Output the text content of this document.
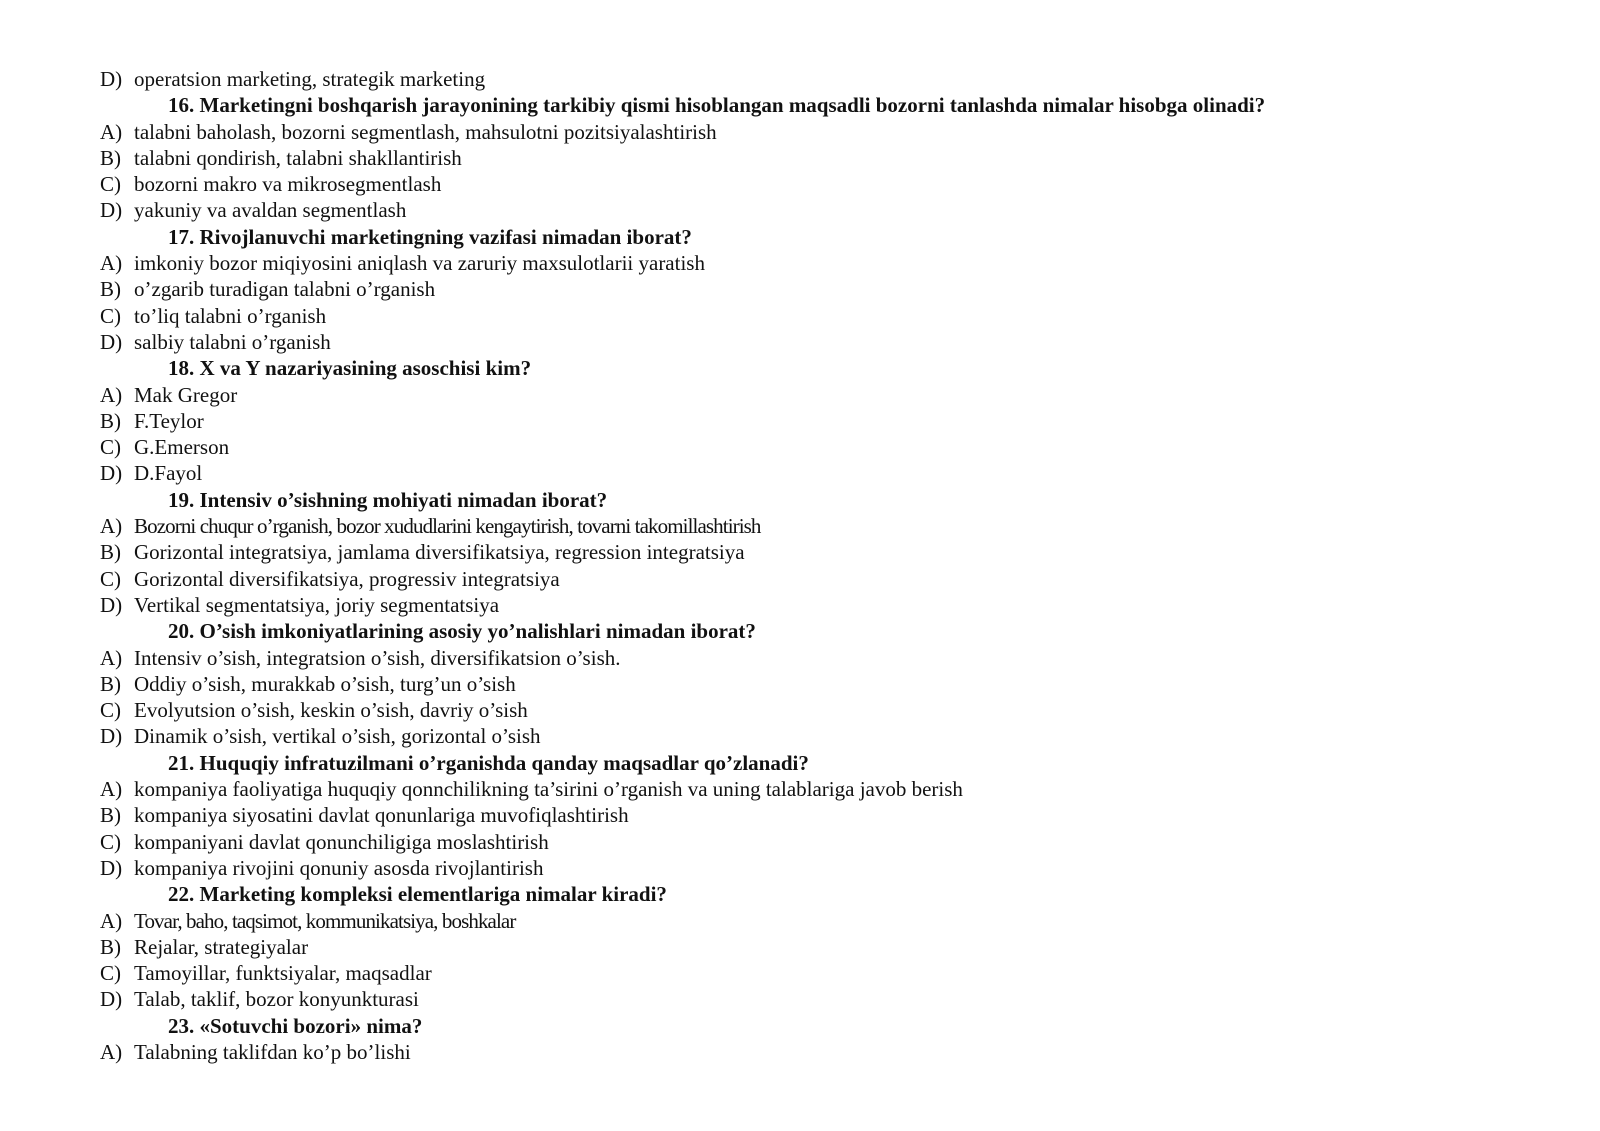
D) operatsion marketing, strategik marketing
16. Marketingni boshqarish jarayonining tarkibiy qismi hisoblangan maqsadli bozorni tanlashda nimalar hisobga olinadi?
A) talabni baholash, bozorni segmentlash, mahsulotni pozitsiyalashtirish
B) talabni qondirish, talabni shakllantirish
C) bozorni makro va mikrosegmentlash
D) yakuniy va avaldan segmentlash
17. Rivojlanuvchi marketingning vazifasi nimadan iborat?
A) imkoniy bozor miqiyosini aniqlash va zaruriy maxsulotlarii yaratish
B) o’zgarib turadigan talabni o’rganish
C) to’liq talabni o’rganish
D) salbiy talabni o’rganish
18. X va Y nazariyasining asoschisi kim?
A) Mak Gregor
B) F.Teylor
C) G.Emerson
D) D.Fayol
19. Intensiv o’sishning mohiyati nimadan iborat?
A) Bozorni chuqur o’rganish, bozor xududlarini kengaytirish, tovarni takomillashtirish
B) Gorizontal integratsiya, jamlama diversifikatsiya, regression integratsiya
C) Gorizontal diversifikatsiya, progressiv integratsiya
D) Vertikal segmentatsiya, joriy segmentatsiya
20. O’sish imkoniyatlarining asosiy yo’nalishlari nimadan iborat?
A) Intensiv o’sish, integratsion o’sish, diversifikatsion o’sish.
B) Oddiy o’sish, murakkab o’sish, turg’un o’sish
C) Evolyutsion o’sish, keskin o’sish, davriy o’sish
D) Dinamik o’sish, vertikal o’sish, gorizontal o’sish
21. Huquqiy infratuzilmani o’rganishda qanday maqsadlar qo’zlanadi?
A) kompaniya faoliyatiga huquqiy qonnchilikning ta’sirini o’rganish va uning talablariga javob berish
B) kompaniya siyosatini davlat qonunlariga muvofiqlashtirish
C) kompaniyani davlat qonunchiligiga moslashtirish
D) kompaniya rivojini qonuniy asosda rivojlantirish
22. Marketing kompleksi elementlariga nimalar kiradi?
A) Tovar, baho, taqsimot, kommunikatsiya, boshkalar
B) Rejalar, strategiyalar
C) Tamoyillar, funktsiyalar, maqsadlar
D) Talab, taklif, bozor konyunkturasi
23. «Sotuvchi bozori» nima?
A) Talabning taklifdan ko’p bo’lishi
